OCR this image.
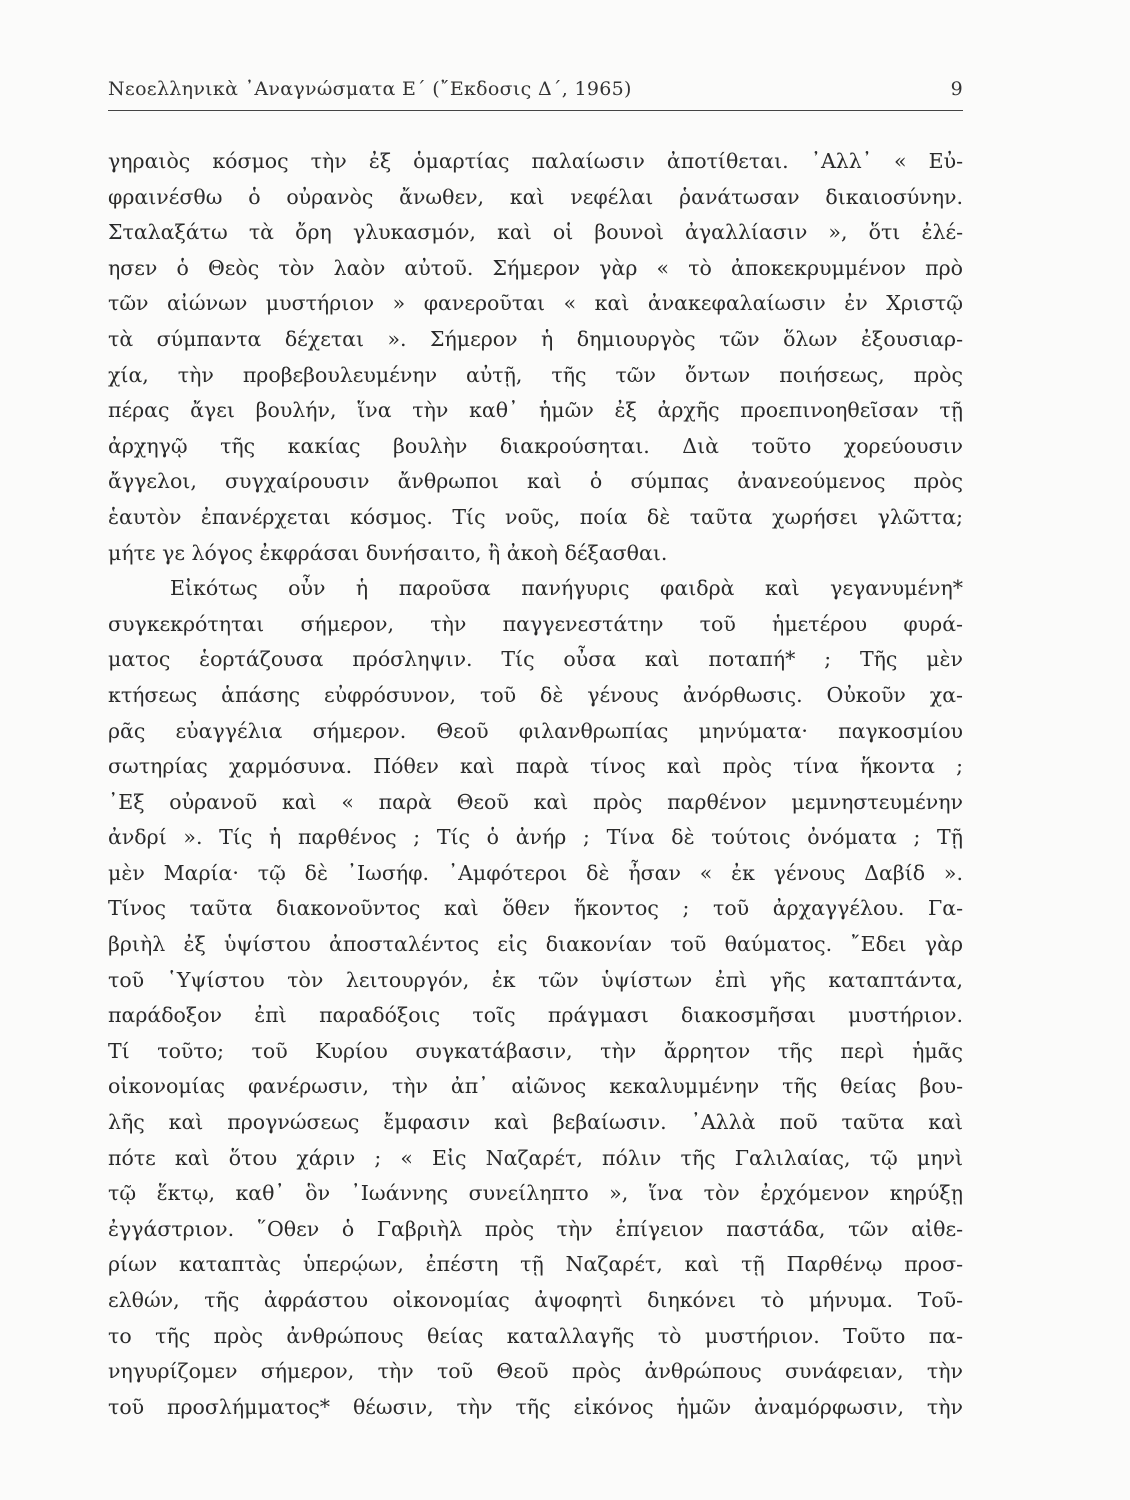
Νεοελληνικὰ ᾿Αναγνώσματα Ε΄ (῎Εκδοσις Δ΄, 1965)	9
γηραιὸς κόσμος τὴν ἐξ ὁμαρτίας παλαίωσιν ἀποτίθεται. ᾿Αλλ᾿ « Εὐ-
φραινέσθω ὁ οὐρανὸς ἄνωθεν, καὶ νεφέλαι ῥανάτωσαν δικαιοσύνην.
Σταλαξάτω τὰ ὄρη γλυκασμόν, καὶ οἱ βουνοὶ ἀγαλλίασιν », ὅτι ἐλέ-
ησεν ὁ Θεὸς τὸν λαὸν αὐτοῦ. Σήμερον γὰρ « τὸ ἀποκεκρυμμένον πρὸ
τῶν αἰώνων μυστήριον » φανεροῦται « καὶ ἀνακεφαλαίωσιν ἐν Χριστῷ
τὰ σύμπαντα δέχεται ». Σήμερον ἡ δημιουργὸς τῶν ὅλων ἐξουσιαρ-
χία, τὴν προβεβουλευμένην αὐτῇ, τῆς τῶν ὄντων ποιήσεως, πρὸς
πέρας ἄγει βουλήν, ἵνα τὴν καθ᾿ ἡμῶν ἐξ ἀρχῆς προεπινοηθεῖσαν τῇ
ἀρχηγῷ τῆς κακίας βουλὴν διακρούσηται. Διὰ τοῦτο χορεύουσιν
ἄγγελοι, συγχαίρουσιν ἄνθρωποι καὶ ὁ σύμπας ἀνανεούμενος πρὸς
ἑαυτὸν ἐπανέρχεται κόσμος. Τίς νοῦς, ποία δὲ ταῦτα χωρήσει γλῶττα;
μήτε γε λόγος ἐκφράσαι δυνήσαιτο, ἢ ἀκοὴ δέξασθαι.
Εἰκότως οὖν ἡ παροῦσα πανήγυρις φαιδρὰ καὶ γεγανυμένη*
συγκεκρότηται σήμερον, τὴν παγγενεστάτην τοῦ ἡμετέρου φυρά-
ματος ἑορτάζουσα πρόσληψιν. Τίς οὖσα καὶ ποταπή* ; Τῆς μὲν
κτήσεως ἁπάσης εὐφρόσυνον, τοῦ δὲ γένους ἀνόρθωσις. Οὐκοῦν χα-
ρᾶς εὐαγγέλια σήμερον. Θεοῦ φιλανθρωπίας μηνύματα· παγκοσμίου
σωτηρίας χαρμόσυνα. Πόθεν καὶ παρὰ τίνος καὶ πρὸς τίνα ἥκοντα ;
᾿Εξ οὐρανοῦ καὶ « παρὰ Θεοῦ καὶ πρὸς παρθένον μεμνηστευμένην
ἀνδρί ». Τίς ἡ παρθένος ; Τίς ὁ ἀνήρ ; Τίνα δὲ τούτοις ὀνόματα ; Τῇ
μὲν Μαρία· τῷ δὲ ᾿Ιωσήφ. ᾿Αμφότεροι δὲ ἦσαν « ἐκ γένους Δαβίδ ».
Τίνος ταῦτα διακονοῦντος καὶ ὅθεν ἥκοντος ; τοῦ ἀρχαγγέλου. Γα-
βριὴλ ἐξ ὑψίστου ἀποσταλέντος εἰς διακονίαν τοῦ θαύματος. ῎Εδει γὰρ
τοῦ ῾Υψίστου τὸν λειτουργόν, ἐκ τῶν ὑψίστων ἐπὶ γῆς καταπτάντα,
παράδοξον ἐπὶ παραδόξοις τοῖς πράγμασι διακοσμῆσαι μυστήριον.
Τί τοῦτο; τοῦ Κυρίου συγκατάβασιν, τὴν ἄρρητον τῆς περὶ ἡμᾶς
οἰκονομίας φανέρωσιν, τὴν ἀπ᾿ αἰῶνος κεκαλυμμένην τῆς θείας βου-
λῆς καὶ προγνώσεως ἔμφασιν καὶ βεβαίωσιν. ᾿Αλλὰ ποῦ ταῦτα καὶ
πότε καὶ ὅτου χάριν ; « Εἰς Ναζαρέτ, πόλιν τῆς Γαλιλαίας, τῷ μηνὶ
τῷ ἕκτῳ, καθ᾿ ὃν ᾿Ιωάννης συνείληπτο », ἵνα τὸν ἐρχόμενον κηρύξῃ
ἐγγάστριον. ῞Οθεν ὁ Γαβριὴλ πρὸς τὴν ἐπίγειον παστάδα, τῶν αἰθε-
ρίων καταπτὰς ὑπερῴων, ἐπέστη τῇ Ναζαρέτ, καὶ τῇ Παρθένῳ προσ-
ελθών, τῆς ἀφράστου οἰκονομίας ἀψοφητὶ διηκόνει τὸ μήνυμα. Τοῦ-
το τῆς πρὸς ἀνθρώπους θείας καταλλαγῆς τὸ μυστήριον. Τοῦτο πα-
νηγυρίζομεν σήμερον, τὴν τοῦ Θεοῦ πρὸς ἀνθρώπους συνάφειαν, τὴν
τοῦ προσλήμματος* θέωσιν, τὴν τῆς εἰκόνος ἡμῶν ἀναμόρφωσιν, τὴν
